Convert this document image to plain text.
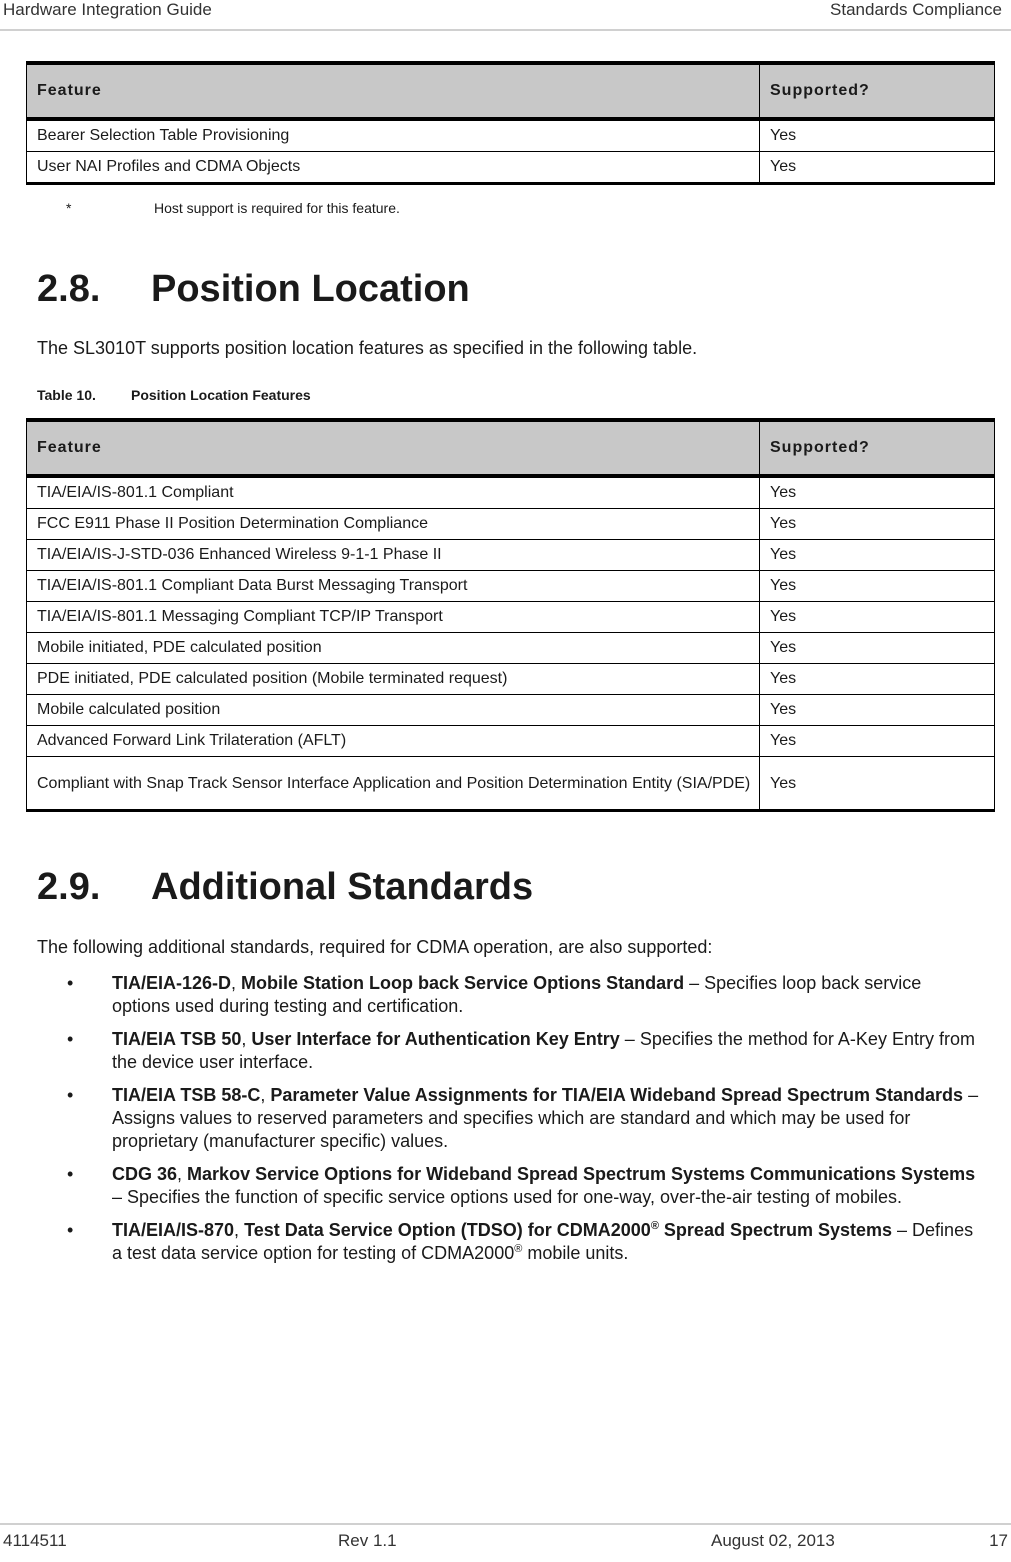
Hardware Integration Guide	Standards Compliance
Feature	Supported?
Bearer Selection Table Provisioning	Yes
User NAI Profiles and CDMA Objects	Yes
*	Host support is required for this feature.
2.8. Position Location

The SL3010T supports position location features as specified in the following table.

Table 10.	Position Location Features
Feature	Supported?
TIA/EIA/IS-801.1 Compliant	Yes
FCC E911 Phase II Position Determination Compliance	Yes
TIA/EIA/IS-J-STD-036 Enhanced Wireless 9-1-1 Phase II	Yes
TIA/EIA/IS-801.1 Compliant Data Burst Messaging Transport	Yes
TIA/EIA/IS-801.1 Messaging Compliant TCP/IP Transport	Yes
Mobile initiated, PDE calculated position	Yes
PDE initiated, PDE calculated position (Mobile terminated request)	Yes
Mobile calculated position	Yes
Advanced Forward Link Trilateration (AFLT)	Yes
Compliant with Snap Track Sensor Interface Application and Position Determination Entity (SIA/PDE)	Yes
2.9. Additional Standards

The following additional standards, required for CDMA operation, are also supported:

• TIA/EIA-126-D, Mobile Station Loop back Service Options Standard – Specifies loop back service options used during testing and certification.
• TIA/EIA TSB 50, User Interface for Authentication Key Entry – Specifies the method for A-Key Entry from the device user interface.
• TIA/EIA TSB 58-C, Parameter Value Assignments for TIA/EIA Wideband Spread Spectrum Standards – Assigns values to reserved parameters and specifies which are standard and which may be used for proprietary (manufacturer specific) values.
• CDG 36, Markov Service Options for Wideband Spread Spectrum Systems Communications Systems – Specifies the function of specific service options used for one-way, over-the-air testing of mobiles.
• TIA/EIA/IS-870, Test Data Service Option (TDSO) for CDMA2000® Spread Spectrum Systems – Defines a test data service option for testing of CDMA2000® mobile units.
4114511	Rev 1.1	August 02, 2013	17
